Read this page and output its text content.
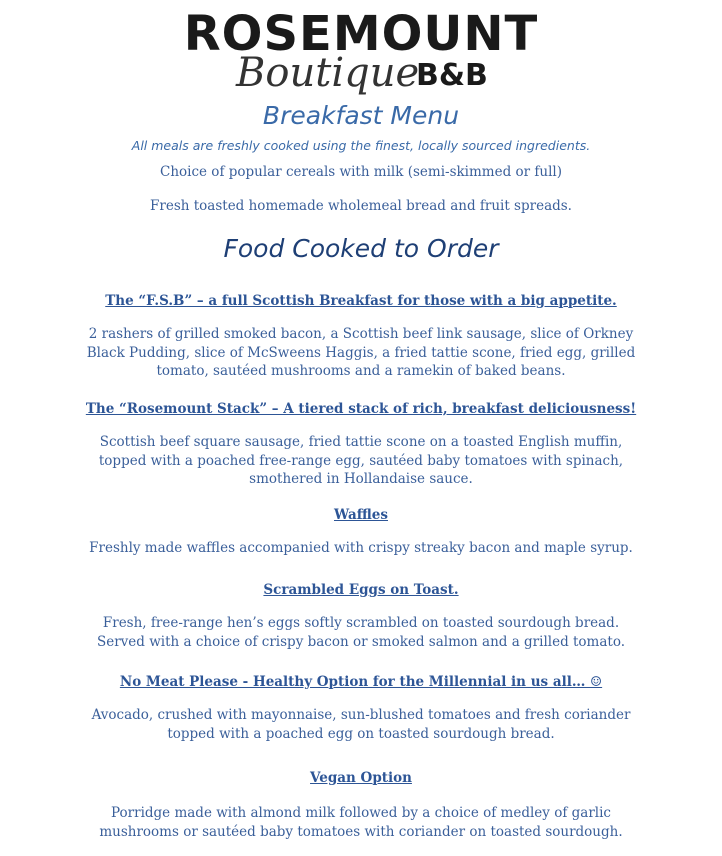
ROSEMOUNT
Boutique
B&B
Breakfast Menu
All meals are freshly cooked using the finest, locally sourced ingredients.
Choice of popular cereals with milk (semi-skimmed or full)
Fresh toasted homemade wholemeal bread and fruit spreads.
Food Cooked to Order
The “F.S.B” – a full Scottish Breakfast for those with a big appetite.
2 rashers of grilled smoked bacon, a Scottish beef link sausage, slice of Orkney Black Pudding, slice of McSweens Haggis, a fried tattie scone, fried egg, grilled tomato, sautéed mushrooms and a ramekin of baked beans.
The “Rosemount Stack” – A tiered stack of rich, breakfast deliciousness!
Scottish beef square sausage, fried tattie scone on a toasted English muffin, topped with a poached free-range egg, sautéed baby tomatoes with spinach, smothered in Hollandaise sauce.
Waffles
Freshly made waffles accompanied with crispy streaky bacon and maple syrup.
Scrambled Eggs on Toast.
Fresh, free-range hen’s eggs softly scrambled on toasted sourdough bread. Served with a choice of crispy bacon or smoked salmon and a grilled tomato.
No Meat Please - Healthy Option for the Millennial in us all… ☺
Avocado, crushed with mayonnaise, sun-blushed tomatoes and fresh coriander topped with a poached egg on toasted sourdough bread.
Vegan Option
Porridge made with almond milk followed by a choice of medley of garlic mushrooms or sautéed baby tomatoes with coriander on toasted sourdough.
